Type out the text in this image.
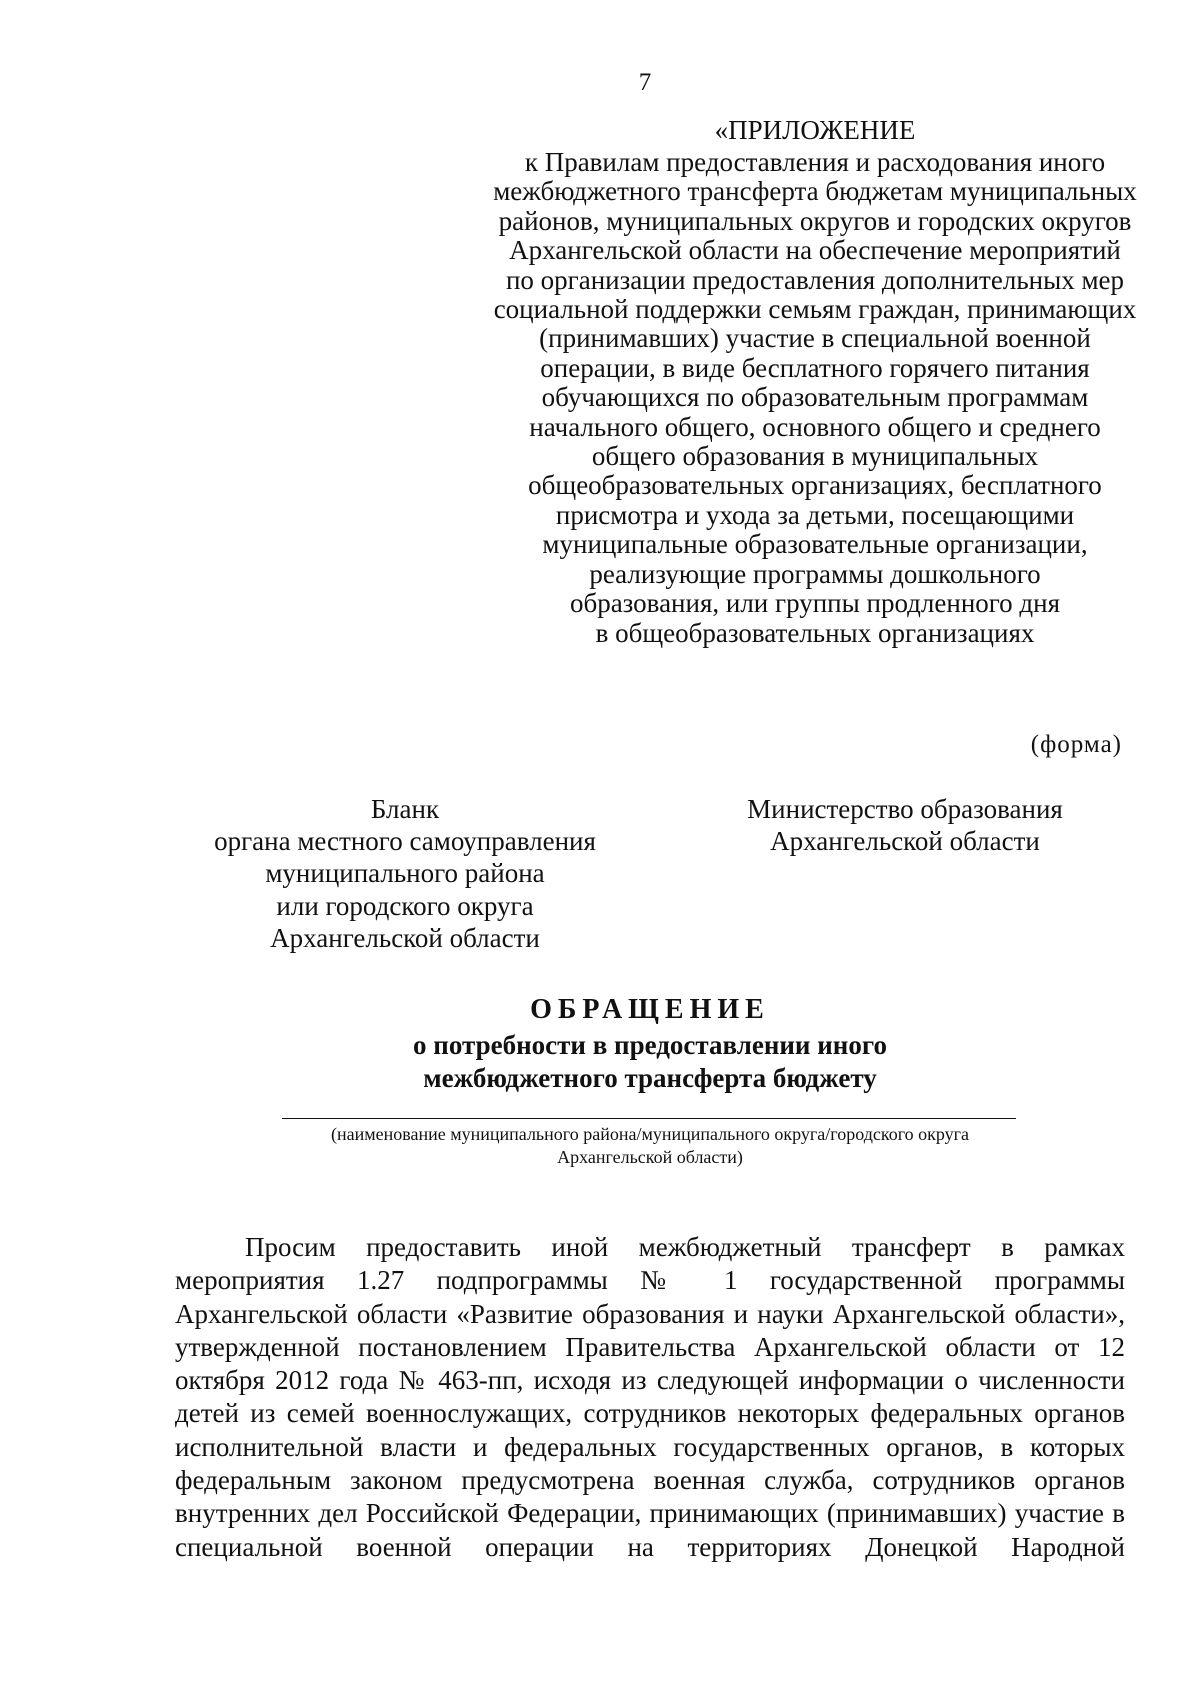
7
«ПРИЛОЖЕНИЕ
к Правилам предоставления и расходования иного
межбюджетного трансферта бюджетам муниципальных
районов, муниципальных округов и городских округов
Архангельской области на обеспечение мероприятий
по организации предоставления дополнительных мер
социальной поддержки семьям граждан, принимающих
(принимавших) участие в специальной военной
операции, в виде бесплатного горячего питания
обучающихся по образовательным программам
начального общего, основного общего и среднего
общего образования в муниципальных
общеобразовательных организациях, бесплатного
присмотра и ухода за детьми, посещающими
муниципальные образовательные организации,
реализующие программы дошкольного
образования, или группы продленного дня
в общеобразовательных организациях
(форма)
Бланк
органа местного самоуправления
муниципального района
или городского округа
Архангельской области
Министерство образования
Архангельской области
ОБРАЩЕНИЕ
о потребности в предоставлении иного
межбюджетного трансферта бюджету
(наименование муниципального района/муниципального округа/городского округа
Архангельской области)
Просим предоставить иной межбюджетный трансферт в рамках мероприятия 1.27 подпрограммы № 1 государственной программы Архангельской области «Развитие образования и науки Архангельской области», утвержденной постановлением Правительства Архангельской области от 12 октября 2012 года № 463-пп, исходя из следующей информации о численности детей из семей военнослужащих, сотрудников некоторых федеральных органов исполнительной власти и федеральных государственных органов, в которых федеральным законом предусмотрена военная служба, сотрудников органов внутренних дел Российской Федерации, принимающих (принимавших) участие в специальной военной операции на территориях Донецкой Народной
